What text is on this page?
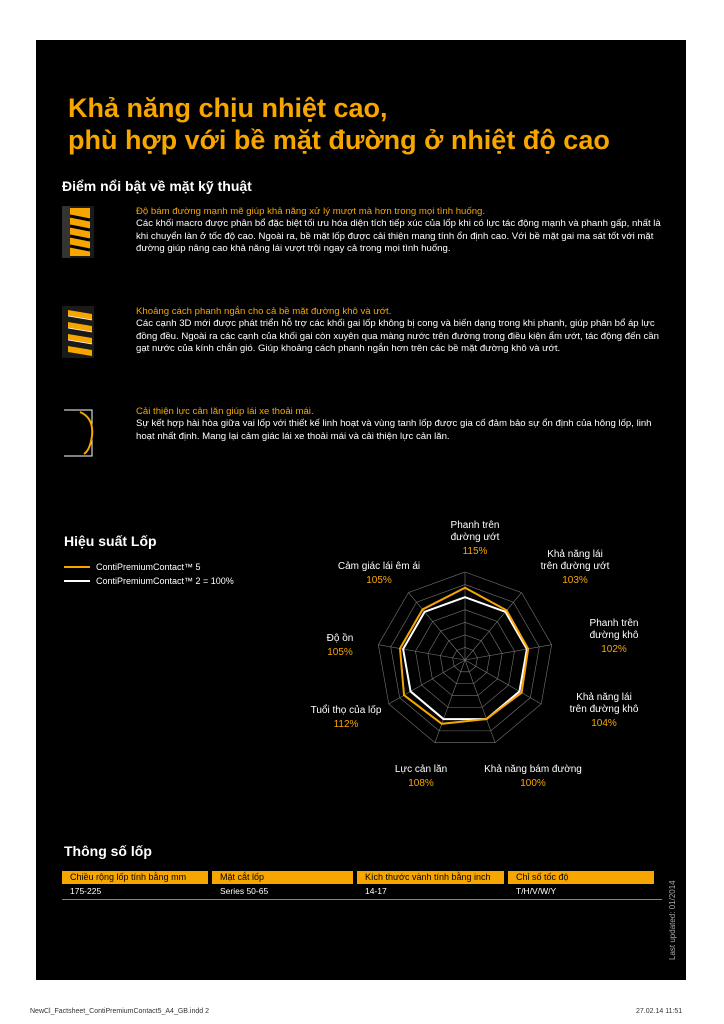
Khả năng chịu nhiệt cao,
phù hợp với bề mặt đường ở nhiệt độ cao
Điểm nổi bật về mặt kỹ thuật
Độ bám đường mạnh mẽ giúp khả năng xử lý mượt mà hơn trong mọi tình huống.
Các khối macro được phân bổ đặc biệt tối ưu hóa diện tích tiếp xúc của lốp khi có lực tác động mạnh và phanh gấp, nhất là khi chuyển làn ở tốc độ cao. Ngoài ra, bề mặt lốp được cải thiện mang tính ổn định cao. Với bề mặt gai ma sát tốt với mặt đường giúp nâng cao khả năng lái vượt trội ngay cả trong mọi tình huống.
Khoảng cách phanh ngắn cho cả bề mặt đường khô và ướt.
Các cạnh 3D mới được phát triển hỗ trợ các khối gai lốp không bị cong và biến dạng trong khi phanh, giúp phân bổ áp lực đồng đều. Ngoài ra các cạnh của khối gai còn xuyên qua màng nước trên đường trong điều kiện ẩm ướt, tác động đến cần gạt nước của kính chắn gió. Giúp khoảng cách phanh ngắn hơn trên các bề mặt đường khô và ướt.
Cải thiện lực cản lăn giúp lái xe thoải mái.
Sự kết hợp hài hòa giữa vai lốp với thiết kế linh hoạt và vùng tanh lốp được gia cố đảm bảo sự ổn định của hông lốp, linh hoạt nhất định. Mang lại cảm giác lái xe thoải mái và cải thiện lực cản lăn.
Hiệu suất Lốp
ContiPremiumContact™ 5
ContiPremiumContact™ 2 = 100%
Phanh trên
đường ướt
115%	Khả năng lái
trên đường ướt
103%
Phanh trên
đường khô
102%
Khả năng lái
trên đường khô
104%
Khả năng bám đường
100%
Lực cản lăn
108%
Tuổi thọ của lốp
112%
Độ ồn
105%
Cảm giác lái êm ái
105%
Thông số lốp
Chiều rộng lốp tính bằng mm	Mặt cắt lốp	Kích thước vành tính bằng inch	Chỉ số tốc độ
175-225	Series 50-65	14-17	T/H/V/W/Y	Last updated: 01/2014
NewCl_Factsheet_ContiPremiumContact5_A4_GB.indd 2	27.02.14 11:51
